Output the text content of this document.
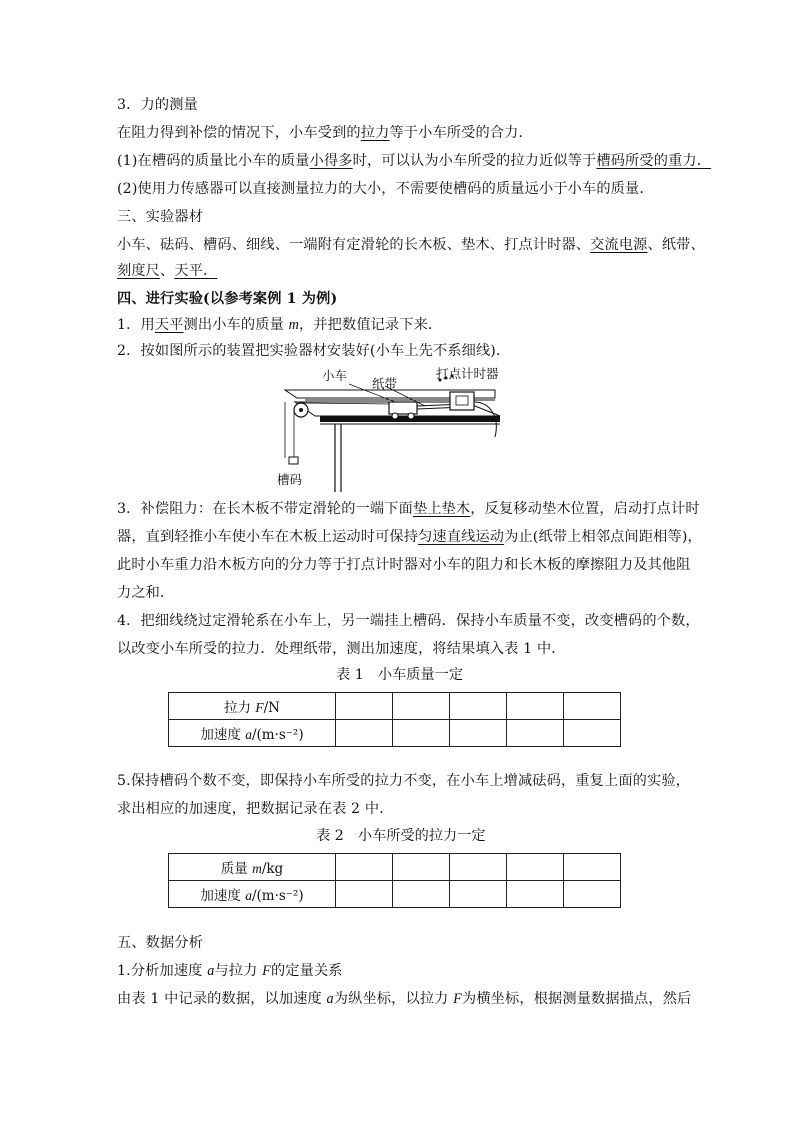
3．力的测量
在阻力得到补偿的情况下，小车受到的拉力等于小车所受的合力．
(1)在槽码的质量比小车的质量小得多时，可以认为小车所受的拉力近似等于槽码所受的重力．
(2)使用力传感器可以直接测量拉力的大小，不需要使槽码的质量远小于小车的质量．
三、实验器材
小车、砝码、槽码、细线、一端附有定滑轮的长木板、垫木、打点计时器、交流电源、纸带、
刻度尺、天平．
四、进行实验(以参考案例 1 为例)
1．用天平测出小车的质量 m，并把数值记录下来．
2．按如图所示的装置把实验器材安装好(小车上先不系细线)．
小车
纸带
打点计时器
槽码
3．补偿阻力：在长木板不带定滑轮的一端下面垫上垫木，反复移动垫木位置，启动打点计时
器，直到轻推小车使小车在木板上运动时可保持匀速直线运动为止(纸带上相邻点间距相等)，
此时小车重力沿木板方向的分力等于打点计时器对小车的阻力和长木板的摩擦阻力及其他阻
力之和．
4．把细线绕过定滑轮系在小车上，另一端挂上槽码．保持小车质量不变，改变槽码的个数，
以改变小车所受的拉力．处理纸带，测出加速度，将结果填入表 1 中．
表 1　小车质量一定
拉力 F/N					
加速度 a/(m·s⁻²)					
5.保持槽码个数不变，即保持小车所受的拉力不变，在小车上增减砝码，重复上面的实验，
求出相应的加速度，把数据记录在表 2 中．
表 2　小车所受的拉力一定
质量 m/kg					
加速度 a/(m·s⁻²)					
五、数据分析
1.分析加速度 a与拉力 F的定量关系
由表 1 中记录的数据，以加速度 a为纵坐标，以拉力 F为横坐标，根据测量数据描点，然后
